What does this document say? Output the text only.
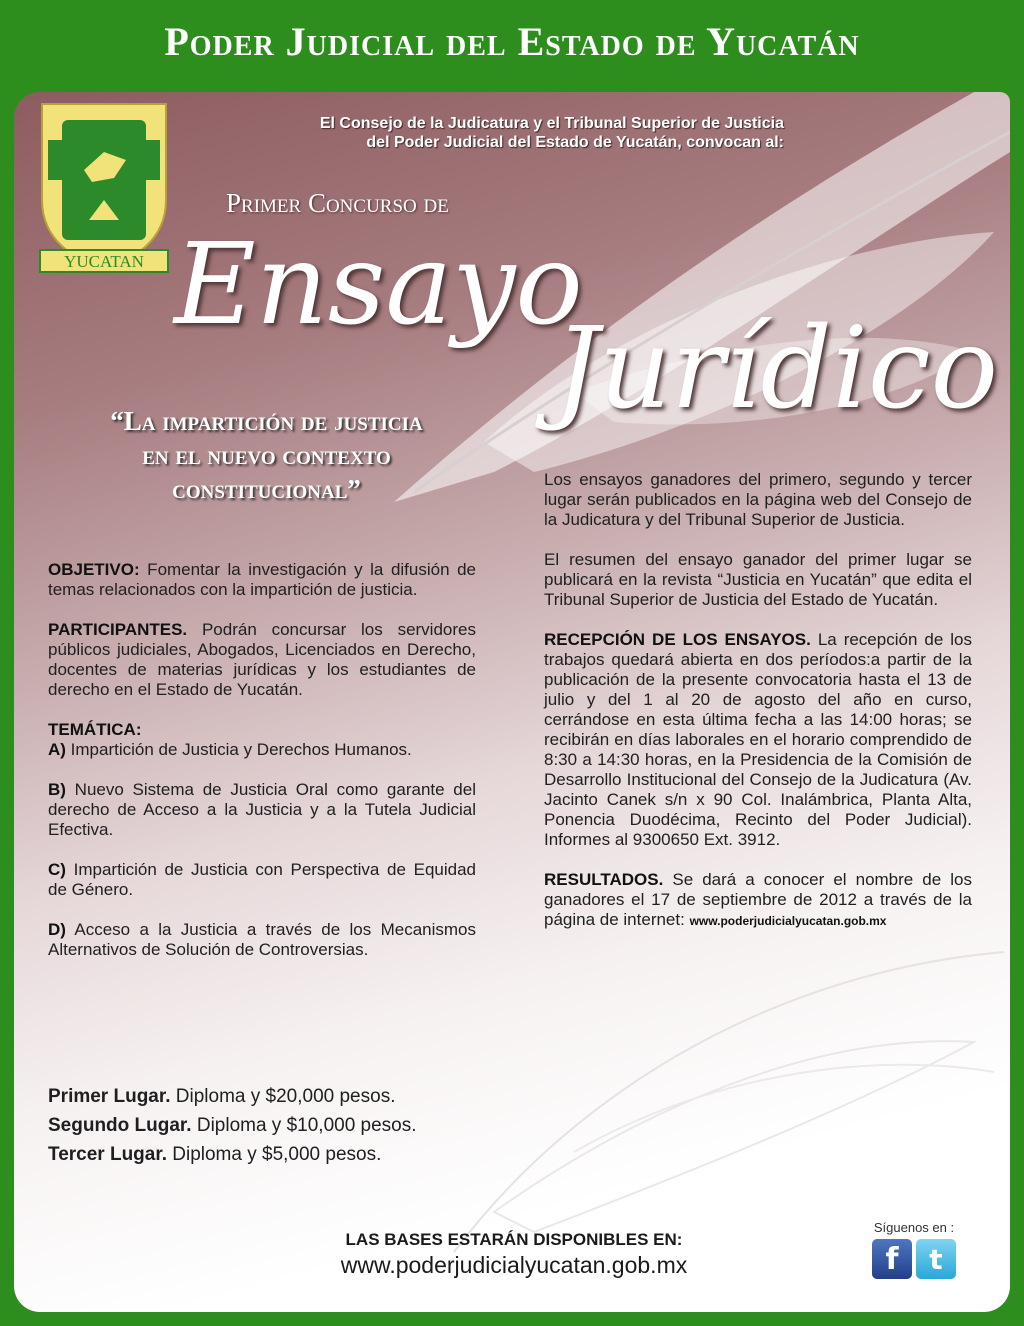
Poder Judicial del Estado de Yucatán
YUCATAN
El Consejo de la Judicatura y el Tribunal Superior de Justicia
del Poder Judicial del Estado de Yucatán, convocan al:
Primer Concurso de
Ensayo
Jurídico
“La impartición de justicia
en el nuevo contexto
constitucional”

OBJETIVO: Fomentar la investigación y la difusión de temas relacionados con la impartición de justicia.

PARTICIPANTES. Podrán concursar los servidores públicos judiciales, Abogados, Licenciados en Derecho, docentes de materias jurídicas y los estudiantes de derecho en el Estado de Yucatán.

TEMÁTICA:

A) Impartición de Justicia y Derechos Humanos.

B) Nuevo Sistema de Justicia Oral como garante del derecho de Acceso a la Justicia y a la Tutela Judicial Efectiva.

C) Impartición de Justicia con Perspectiva de Equidad de Género.

D) Acceso a la Justicia a través de los Mecanismos Alternativos de Solución de Controversias.

Primer Lugar. Diploma y $20,000 pesos.
Segundo Lugar. Diploma y $10,000 pesos.
Tercer Lugar. Diploma y $5,000 pesos.

Los ensayos ganadores del primero, segundo y tercer lugar serán publicados en la página web del Consejo de la Judicatura y del Tribunal Superior de Justicia.

El resumen del ensayo ganador del primer lugar se publicará en la revista “Justicia en Yucatán” que edita el Tribunal Superior de Justicia del Estado de Yucatán.

RECEPCIÓN DE LOS ENSAYOS. La recepción de los trabajos quedará abierta en dos períodos:a partir de la publicación de la presente convocatoria hasta el 13 de julio y del 1 al 20 de agosto del año en curso, cerrándose en esta última fecha a las 14:00 horas; se recibirán en días laborales en el horario comprendido de 8:30 a 14:30 horas, en la Presidencia de la Comisión de Desarrollo Institucional del Consejo de la Judicatura (Av. Jacinto Canek s/n x 90 Col. Inalámbrica, Planta Alta, Ponencia Duodécima, Recinto del Poder Judicial). Informes al 9300650 Ext. 3912.

RESULTADOS. Se dará a conocer el nombre de los ganadores el 17 de septiembre de 2012 a través de la página de internet: www.poderjudicialyucatan.gob.mx

LAS BASES ESTARÁN DISPONIBLES EN:
www.poderjudicialyucatan.gob.mx
Síguenos en :
f	t
